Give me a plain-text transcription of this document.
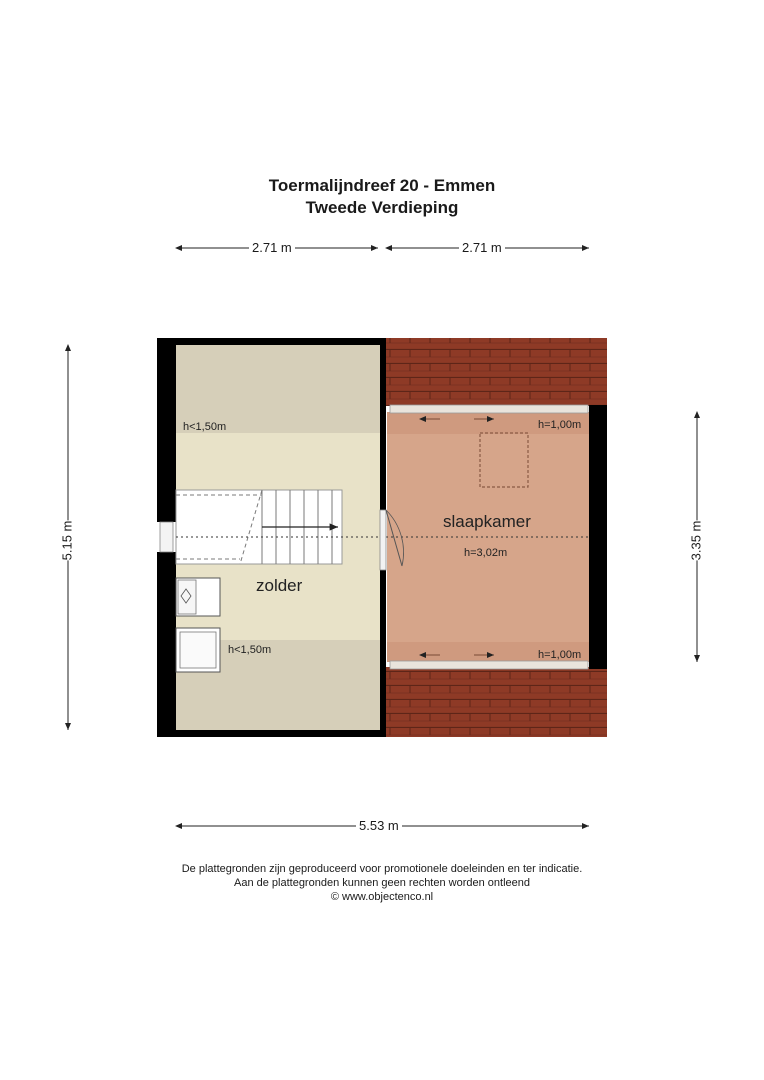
Toermalijndreef 20 - Emmen
Tweede Verdieping
2.71 m	2.71 m
5.15 m	3.35 m
5.53 m
zolder
h<1,50m
h<1,50m
slaapkamer
h=3,02m
h=1,00m
h=1,00m
De plattegronden zijn geproduceerd voor promotionele doeleinden en ter indicatie.
Aan de plattegronden kunnen geen rechten worden ontleend
© www.objectenco.nl
